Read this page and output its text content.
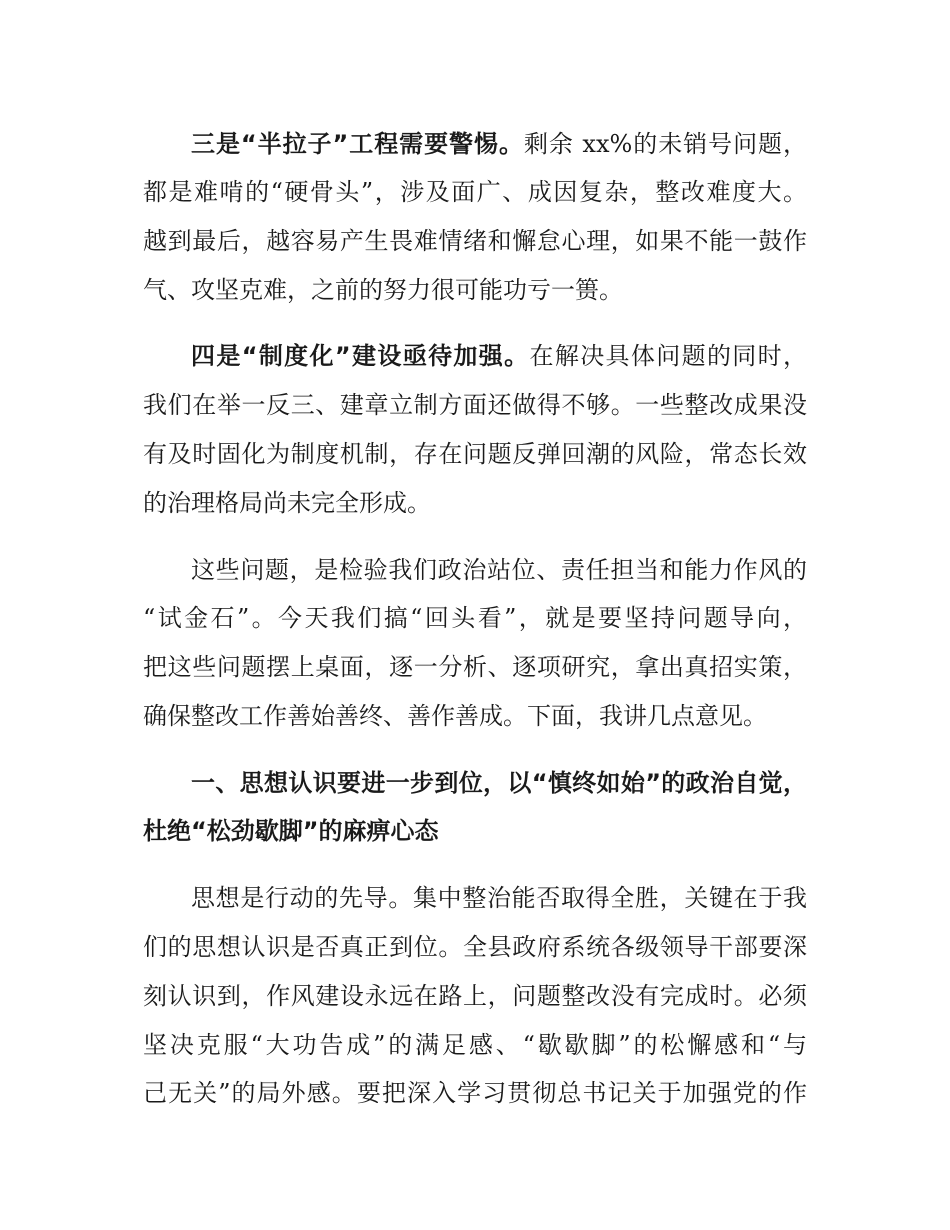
三是“半拉子”工程需要警惕。剩余 xx%的未销号问题，
都是难啃的“硬骨头”，涉及面广、成因复杂，整改难度大。
越到最后，越容易产生畏难情绪和懈怠心理，如果不能一鼓作
气、攻坚克难，之前的努力很可能功亏一篑。
四是“制度化”建设亟待加强。在解决具体问题的同时，
我们在举一反三、建章立制方面还做得不够。一些整改成果没
有及时固化为制度机制，存在问题反弹回潮的风险，常态长效
的治理格局尚未完全形成。
这些问题，是检验我们政治站位、责任担当和能力作风的
“试金石”。今天我们搞“回头看”，就是要坚持问题导向，
把这些问题摆上桌面，逐一分析、逐项研究，拿出真招实策，
确保整改工作善始善终、善作善成。下面，我讲几点意见。
一、思想认识要进一步到位，以“慎终如始”的政治自觉，
杜绝“松劲歇脚”的麻痹心态
思想是行动的先导。集中整治能否取得全胜，关键在于我
们的思想认识是否真正到位。全县政府系统各级领导干部要深
刻认识到，作风建设永远在路上，问题整改没有完成时。必须
坚决克服“大功告成”的满足感、“歇歇脚”的松懈感和“与
己无关”的局外感。要把深入学习贯彻总书记关于加强党的作
